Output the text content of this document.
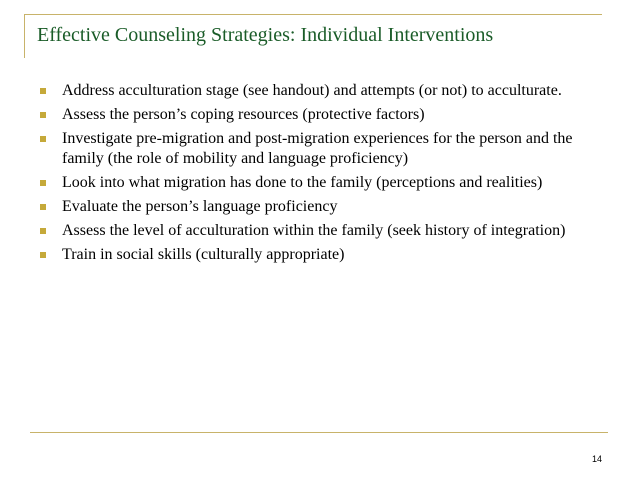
Effective Counseling Strategies: Individual Interventions
Address acculturation stage (see handout) and attempts (or not) to acculturate.
Assess the person’s coping resources (protective factors)
Investigate pre-migration and post-migration experiences for the person and the family (the role of mobility and language proficiency)
Look into what migration has done to the family (perceptions and realities)
Evaluate the person’s language proficiency
Assess the level of acculturation within the family (seek history of integration)
Train in social skills (culturally appropriate)
14
